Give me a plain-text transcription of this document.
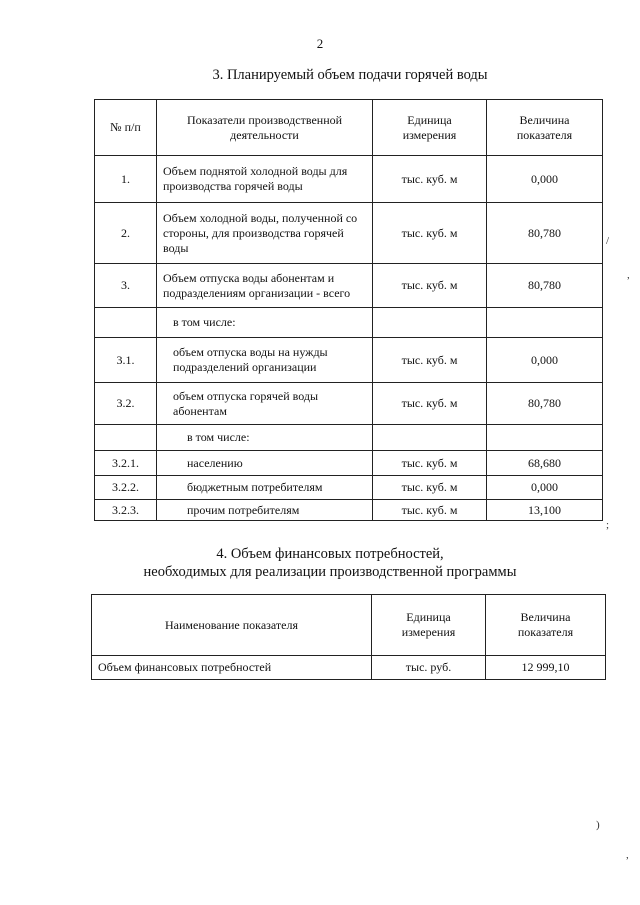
2
3. Планируемый объем подачи горячей воды
№ п/п	Показатели производственной деятельности	Единица измерения	Величина показателя
1.	Объем поднятой холодной воды для производства горячей воды	тыс. куб. м	0,000
2.	Объем холодной воды, полученной со стороны, для производства горячей воды	тыс. куб. м	80,780
3.	Объем отпуска воды абонентам и подразделениям организации - всего	тыс. куб. м	80,780
	в том числе:		
3.1.	объем отпуска воды на нужды подразделений организации	тыс. куб. м	0,000
3.2.	объем отпуска горячей воды абонентам	тыс. куб. м	80,780
	в том числе:		
3.2.1.	населению	тыс. куб. м	68,680
3.2.2.	бюджетным потребителям	тыс. куб. м	0,000
3.2.3.	прочим потребителям	тыс. куб. м	13,100
4. Объем финансовых потребностей,
необходимых для реализации производственной программы
Наименование показателя	Единица измерения	Величина показателя
Объем финансовых потребностей	тыс. руб.	12 999,10
/
,
;
)
,
